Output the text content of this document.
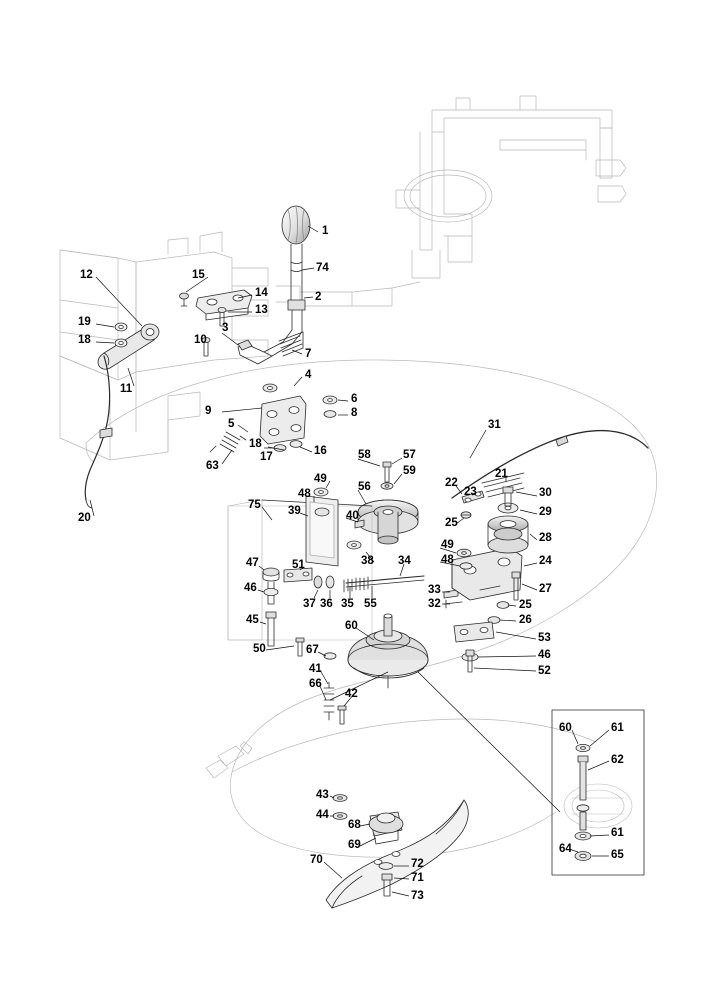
1
74
12	15
14	2
13
19	3
18	10
7
11
4
6
9	8
5	31
18
16
17	58	57
63	59	21
56	22
23
49
30
48
29
25
75 39	40
28
20
49
38 34	48	24
47	51
27
46	33
37 36 35 55	32	25
45	26
60
53
50	67	46
52
41
66
42
60	61
62
43
44
68
61
69	64	65
70	72
71
73
